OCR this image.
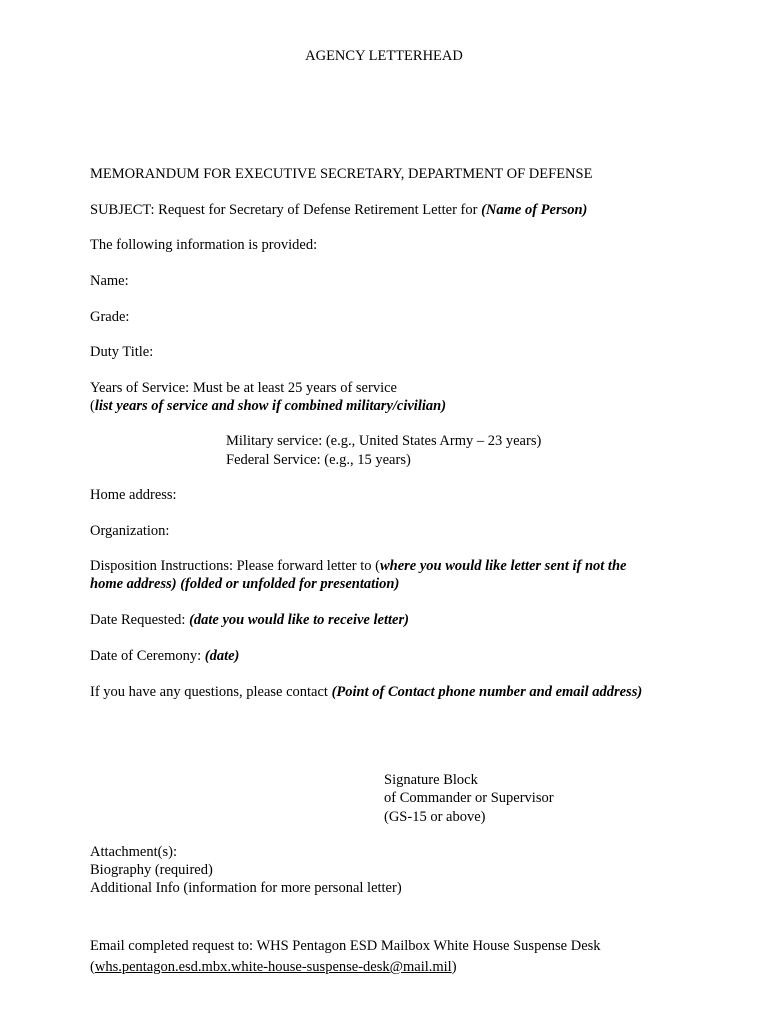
AGENCY LETTERHEAD
MEMORANDUM FOR EXECUTIVE SECRETARY, DEPARTMENT OF DEFENSE
SUBJECT: Request for Secretary of Defense Retirement Letter for (Name of Person)
The following information is provided:
Name:
Grade:
Duty Title:
Years of Service: Must be at least 25 years of service
(list years of service and show if combined military/civilian)
Military service: (e.g., United States Army – 23 years)
Federal Service: (e.g., 15 years)
Home address:
Organization:
Disposition Instructions: Please forward letter to (where you would like letter sent if not the
home address) (folded or unfolded for presentation)
Date Requested: (date you would like to receive letter)
Date of Ceremony: (date)
If you have any questions, please contact (Point of Contact phone number and email address)
Signature Block
of Commander or Supervisor
(GS-15 or above)
Attachment(s):
Biography (required)
Additional Info (information for more personal letter)
Email completed request to: WHS Pentagon ESD Mailbox White House Suspense Desk
(whs.pentagon.esd.mbx.white-house-suspense-desk@mail.mil)
